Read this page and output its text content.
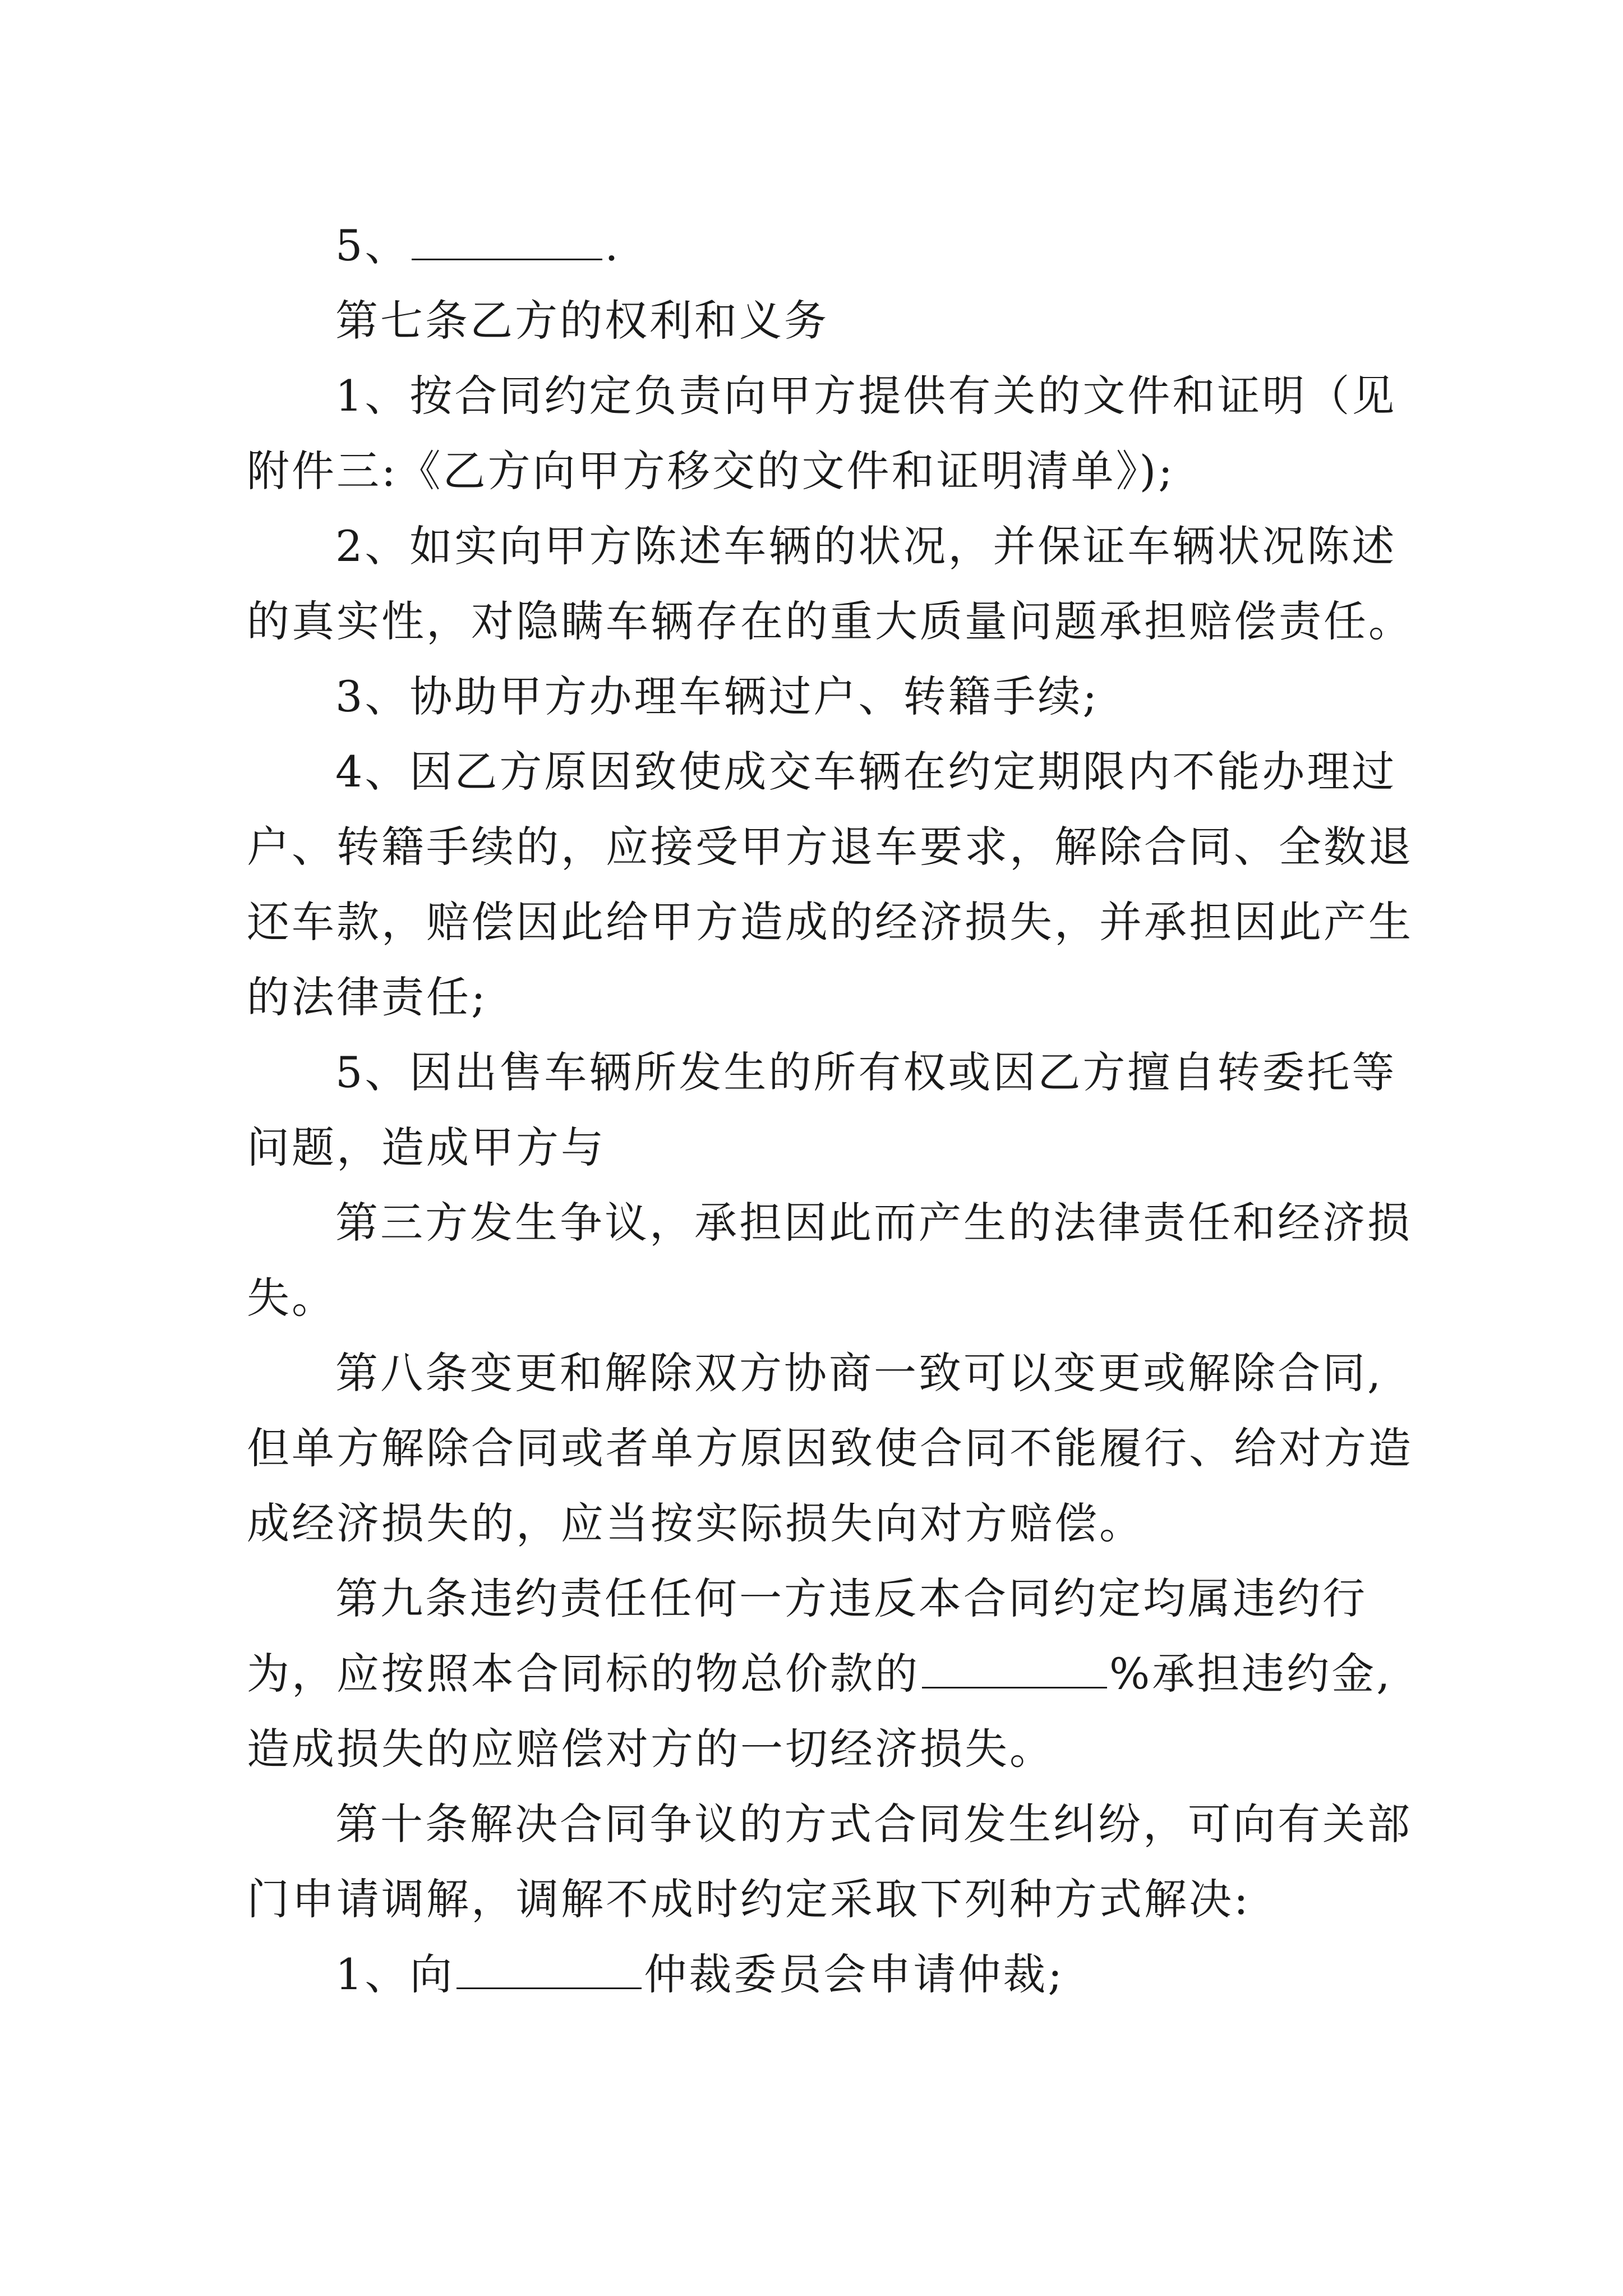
5、	.
第七条乙方的权利和义务
1、按合同约定负责向甲方提供有关的文件和证明（见
附件三:《乙方向甲方移交的文件和证明清单》);
2、如实向甲方陈述车辆的状况，并保证车辆状况陈述
的真实性，对隐瞒车辆存在的重大质量问题承担赔偿责任。
3、协助甲方办理车辆过户、转籍手续;
4、因乙方原因致使成交车辆在约定期限内不能办理过
户、转籍手续的，应接受甲方退车要求，解除合同、全数退
还车款，赔偿因此给甲方造成的经济损失，并承担因此产生
的法律责任;
5、因出售车辆所发生的所有权或因乙方擅自转委托等
问题，造成甲方与
第三方发生争议，承担因此而产生的法律责任和经济损
失。
第八条变更和解除双方协商一致可以变更或解除合同,
但单方解除合同或者单方原因致使合同不能履行、给对方造
成经济损失的，应当按实际损失向对方赔偿。
第九条违约责任任何一方违反本合同约定均属违约行
为，应按照本合同标的物总价款的	%承担违约金,
造成损失的应赔偿对方的一切经济损失。
第十条解决合同争议的方式合同发生纠纷，可向有关部
门申请调解，调解不成时约定采取下列种方式解决:
1、向	仲裁委员会申请仲裁;
